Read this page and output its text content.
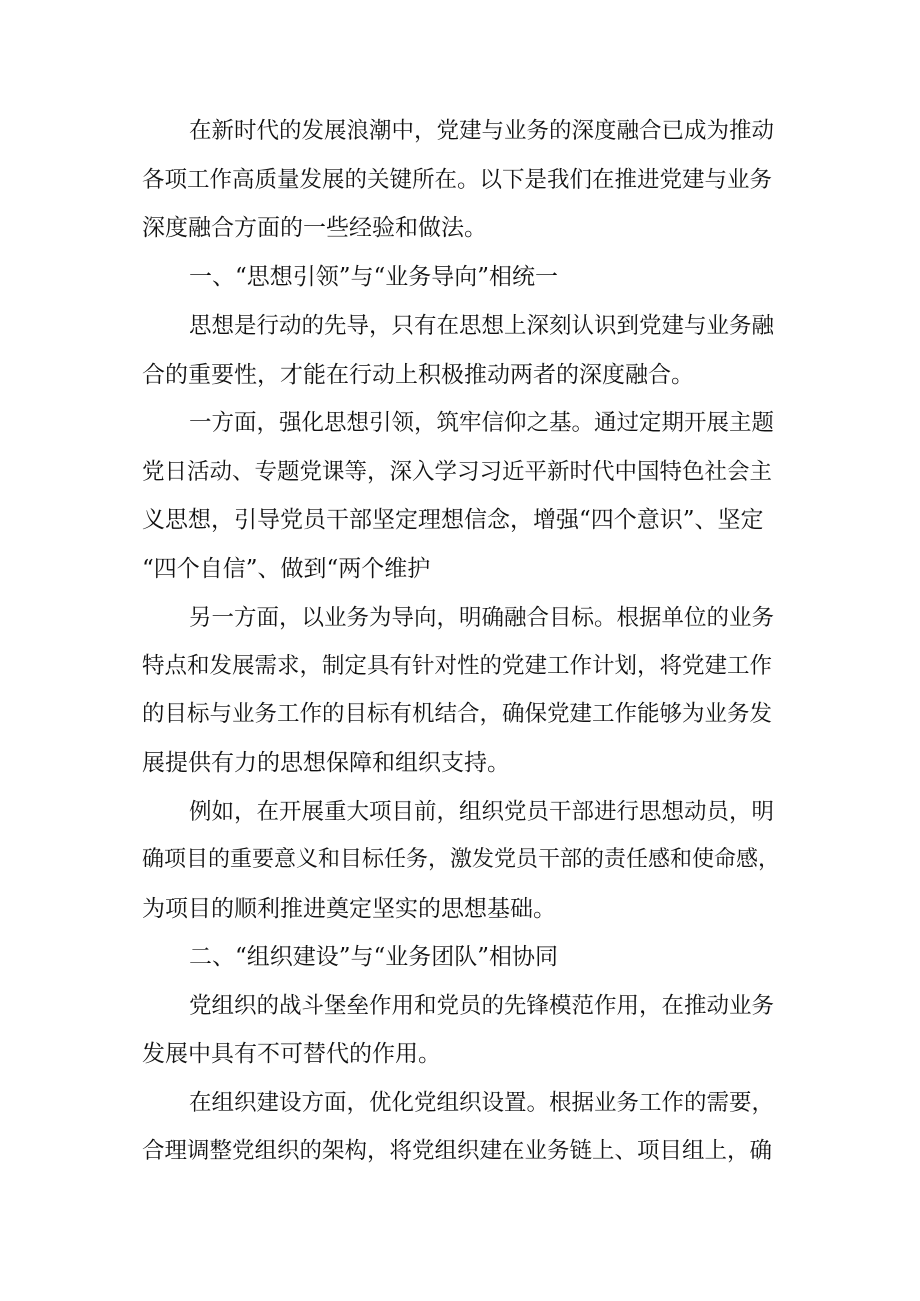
在新时代的发展浪潮中，党建与业务的深度融合已成为推动
各项工作高质量发展的关键所在。以下是我们在推进党建与业务
深度融合方面的一些经验和做法。
一、“思想引领”与“业务导向”相统一
思想是行动的先导，只有在思想上深刻认识到党建与业务融
合的重要性，才能在行动上积极推动两者的深度融合。
一方面，强化思想引领，筑牢信仰之基。通过定期开展主题
党日活动、专题党课等，深入学习习近平新时代中国特色社会主
义思想，引导党员干部坚定理想信念，增强“四个意识”、坚定
“四个自信”、做到“两个维护
另一方面，以业务为导向，明确融合目标。根据单位的业务
特点和发展需求，制定具有针对性的党建工作计划，将党建工作
的目标与业务工作的目标有机结合，确保党建工作能够为业务发
展提供有力的思想保障和组织支持。
例如，在开展重大项目前，组织党员干部进行思想动员，明
确项目的重要意义和目标任务，激发党员干部的责任感和使命感，
为项目的顺利推进奠定坚实的思想基础。
二、“组织建设”与“业务团队”相协同
党组织的战斗堡垒作用和党员的先锋模范作用，在推动业务
发展中具有不可替代的作用。
在组织建设方面，优化党组织设置。根据业务工作的需要，
合理调整党组织的架构，将党组织建在业务链上、项目组上，确
